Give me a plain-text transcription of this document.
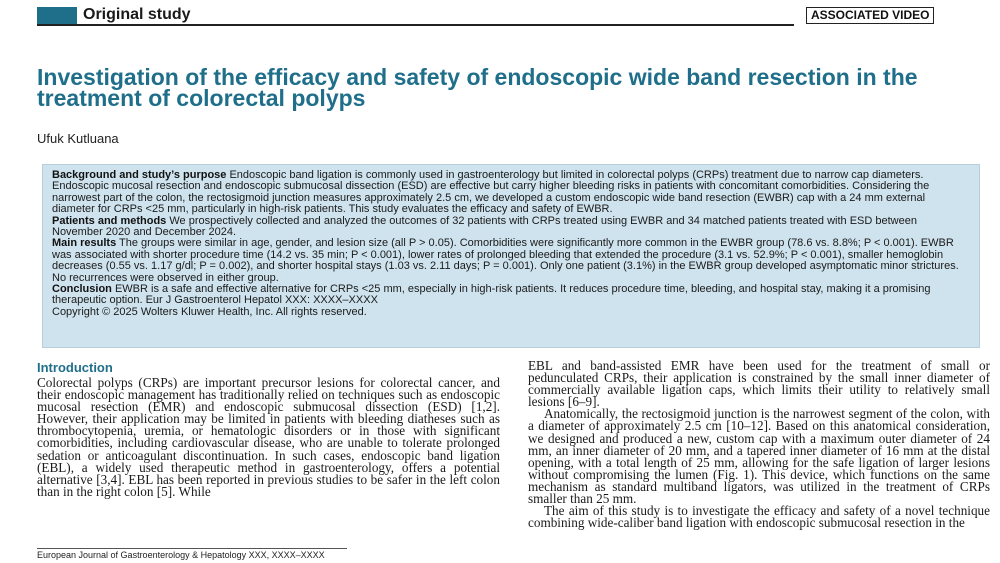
Original study	ASSOCIATED VIDEO
Investigation of the efficacy and safety of endoscopic wide band resection in the treatment of colorectal polyps
Ufuk Kutluana

Background and study’s purpose Endoscopic band ligation is commonly used in gastroenterology but limited in colorectal polyps (CRPs) treatment due to narrow cap diameters. Endoscopic mucosal resection and endoscopic submucosal dissection (ESD) are effective but carry higher bleeding risks in patients with concomitant comorbidities. Considering the narrowest part of the colon, the rectosigmoid junction measures approximately 2.5 cm, we developed a custom endoscopic wide band resection (EWBR) cap with a 24 mm external diameter for CRPs <25 mm, particularly in high-risk patients. This study evaluates the efficacy and safety of EWBR.

Patients and methods We prospectively collected and analyzed the outcomes of 32 patients with CRPs treated using EWBR and 34 matched patients treated with ESD between November 2020 and December 2024.

Main results The groups were similar in age, gender, and lesion size (all P > 0.05). Comorbidities were significantly more common in the EWBR group (78.6 vs. 8.8%; P < 0.001). EWBR was associated with shorter procedure time (14.2 vs. 35 min; P < 0.001), lower rates of prolonged bleeding that extended the procedure (3.1 vs. 52.9%; P < 0.001), smaller hemoglobin decreases (0.55 vs. 1.17 g/dl; P = 0.002), and shorter hospital stays (1.03 vs. 2.11 days; P = 0.001). Only one patient (3.1%) in the EWBR group developed asymptomatic minor strictures. No recurrences were observed in either group.

Conclusion EWBR is a safe and effective alternative for CRPs <25 mm, especially in high-risk patients. It reduces procedure time, bleeding, and hospital stay, making it a promising therapeutic option. Eur J Gastroenterol Hepatol XXX: XXXX–XXXX

Copyright © 2025 Wolters Kluwer Health, Inc. All rights reserved.

Introduction

Colorectal polyps (CRPs) are important precursor lesions for colorectal cancer, and their endoscopic management has traditionally relied on techniques such as endoscopic mucosal resection (EMR) and endoscopic submucosal dissection (ESD) [1,2]. However, their application may be limited in patients with bleeding diatheses such as thrombocytopenia, uremia, or hematologic disorders or in those with significant comorbidities, including cardiovascular disease, who are unable to tolerate prolonged sedation or anticoagulant discontinuation. In such cases, endoscopic band ligation (EBL), a widely used therapeutic method in gastroenterology, offers a potential alternative [3,4]. EBL has been reported in previous studies to be safer in the left colon than in the right colon [5]. While

EBL and band-assisted EMR have been used for the treatment of small or pedunculated CRPs, their application is constrained by the small inner diameter of commercially available ligation caps, which limits their utility to relatively small lesions [6–9].

Anatomically, the rectosigmoid junction is the narrowest segment of the colon, with a diameter of approximately 2.5 cm [10–12]. Based on this anatomical consideration, we designed and produced a new, custom cap with a maximum outer diameter of 24 mm, an inner diameter of 20 mm, and a tapered inner diameter of 16 mm at the distal opening, with a total length of 25 mm, allowing for the safe ligation of larger lesions without compromising the lumen (Fig. 1). This device, which functions on the same mechanism as standard multiband ligators, was utilized in the treatment of CRPs smaller than 25 mm.

The aim of this study is to investigate the efficacy and safety of a novel technique combining wide-caliber band ligation with endoscopic submucosal resection in the

European Journal of Gastroenterology & Hepatology XXX, XXXX–XXXX
